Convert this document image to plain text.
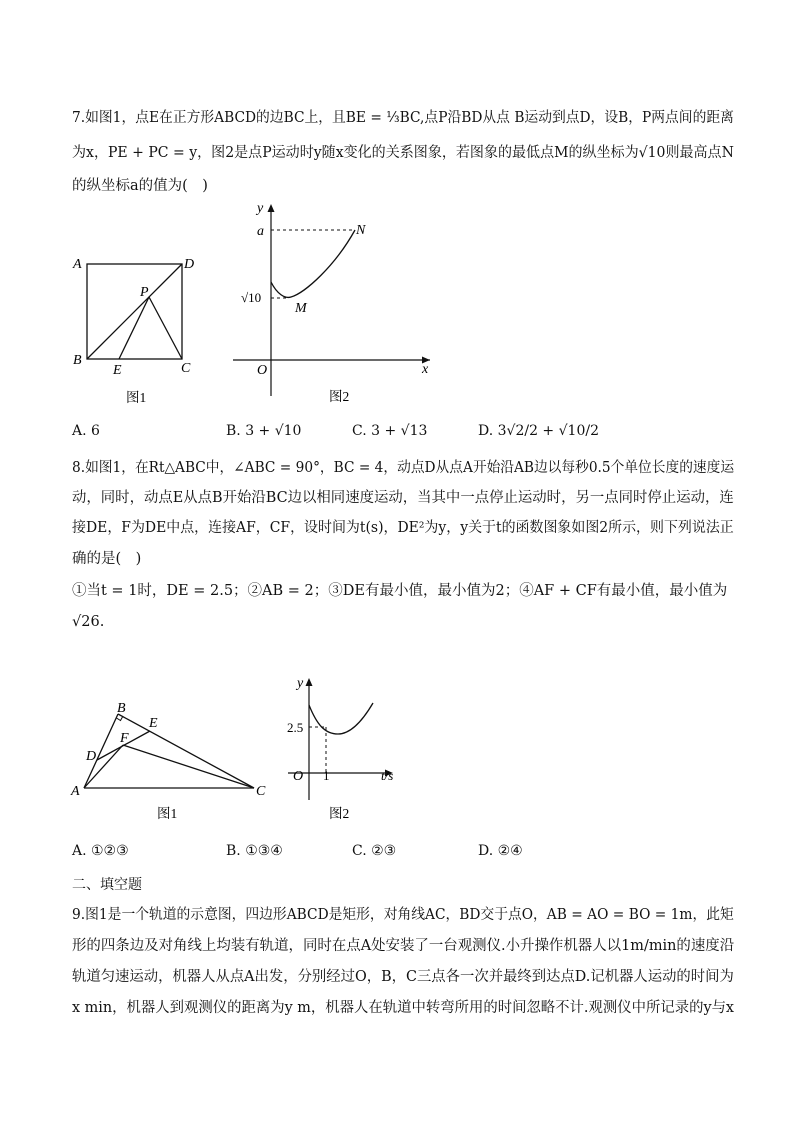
7.如图1，点E在正方形ABCD的边BC上，且BE = ⅓BC,点P沿BD从点 B运动到点D，设B，P两点间的距离
为x，PE + PC = y，图2是点P运动时y随x变化的关系图象，若图象的最低点M的纵坐标为√10则最高点N
的纵坐标a的值为(　)
A	D
B
C
E
P
图1
y
a	N
M
√10
O	x
图2
A. 6	B. 3 + √10	C. 3 + √13	D. 3√2/2 + √10/2
8.如图1，在Rt△ABC中，∠ABC = 90°，BC = 4，动点D从点A开始沿AB边以每秒0.5个单位长度的速度运
动，同时，动点E从点B开始沿BC边以相同速度运动，当其中一点停止运动时，另一点同时停止运动，连
接DE，F为DE中点，连接AF，CF，设时间为t(s)，DE²为y，y关于t的函数图象如图2所示，则下列说法正
确的是(　)
①当t = 1时，DE = 2.5；②AB = 2；③DE有最小值，最小值为2；④AF + CF有最小值，最小值为
√26.
B
E
F
D
A	C
图1
y
2.5
O 1	t/s
图2
A. ①②③	B. ①③④	C. ②③	D. ②④
二、填空题
9.图1是一个轨道的示意图，四边形ABCD是矩形，对角线AC，BD交于点O，AB = AO = BO = 1m，此矩
形的四条边及对角线上均装有轨道，同时在点A处安装了一台观测仪.小升操作机器人以1m/min的速度沿
轨道匀速运动，机器人从点A出发，分别经过O，B，C三点各一次并最终到达点D.记机器人运动的时间为
x min，机器人到观测仪的距离为y m，机器人在轨道中转弯所用的时间忽略不计.观测仪中所记录的y与x
